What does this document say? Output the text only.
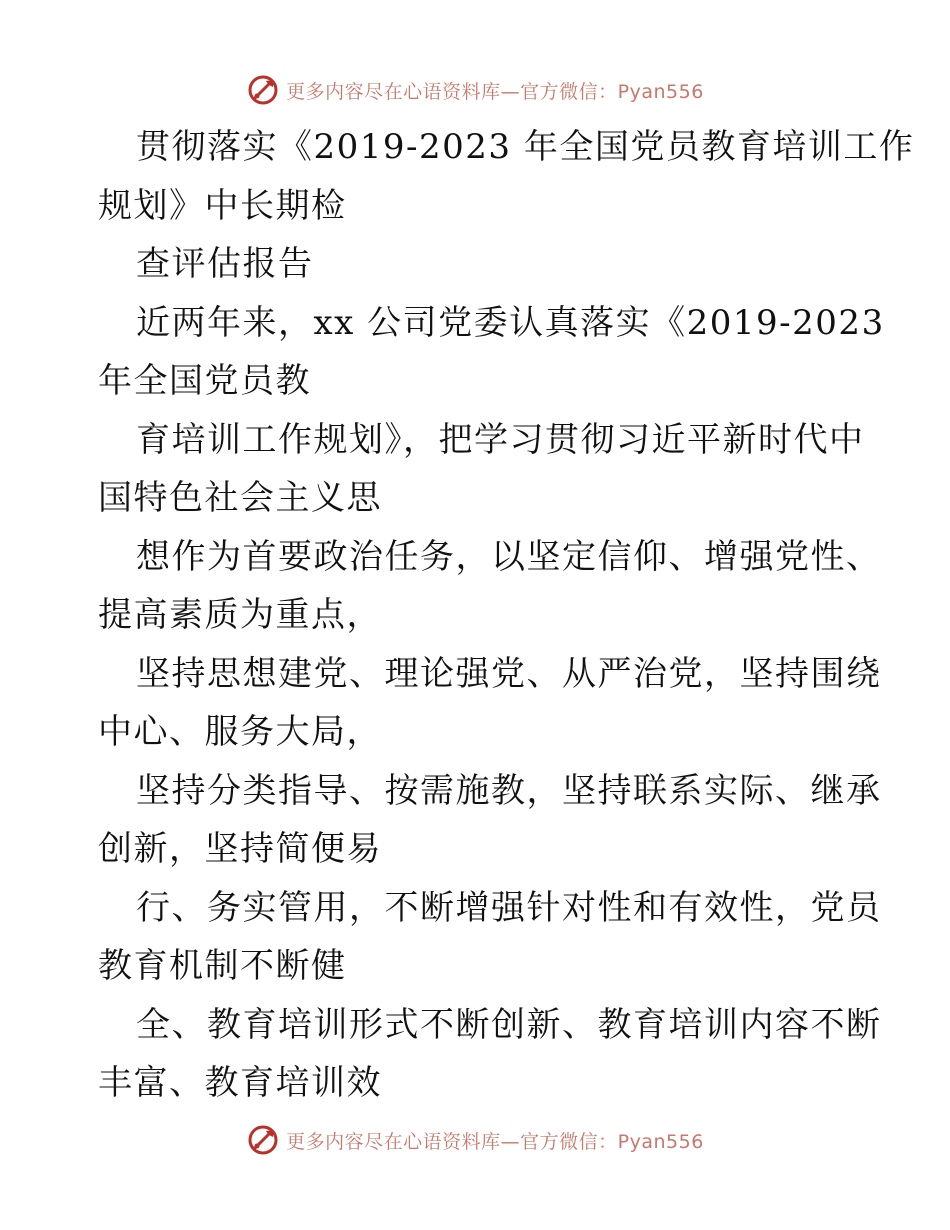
更多内容尽在心语资料库—官方微信：Pyan556
贯彻落实《2019-2023 年全国党员教育培训工作
规划》中长期检
查评估报告
近两年来，xx 公司党委认真落实《2019-2023
年全国党员教
育培训工作规划》，把学习贯彻习近平新时代中
国特色社会主义思
想作为首要政治任务，以坚定信仰、增强党性、
提高素质为重点，
坚持思想建党、理论强党、从严治党，坚持围绕
中心、服务大局，
坚持分类指导、按需施教，坚持联系实际、继承
创新，坚持简便易
行、务实管用，不断增强针对性和有效性，党员
教育机制不断健
全、教育培训形式不断创新、教育培训内容不断
丰富、教育培训效
更多内容尽在心语资料库—官方微信：Pyan556
